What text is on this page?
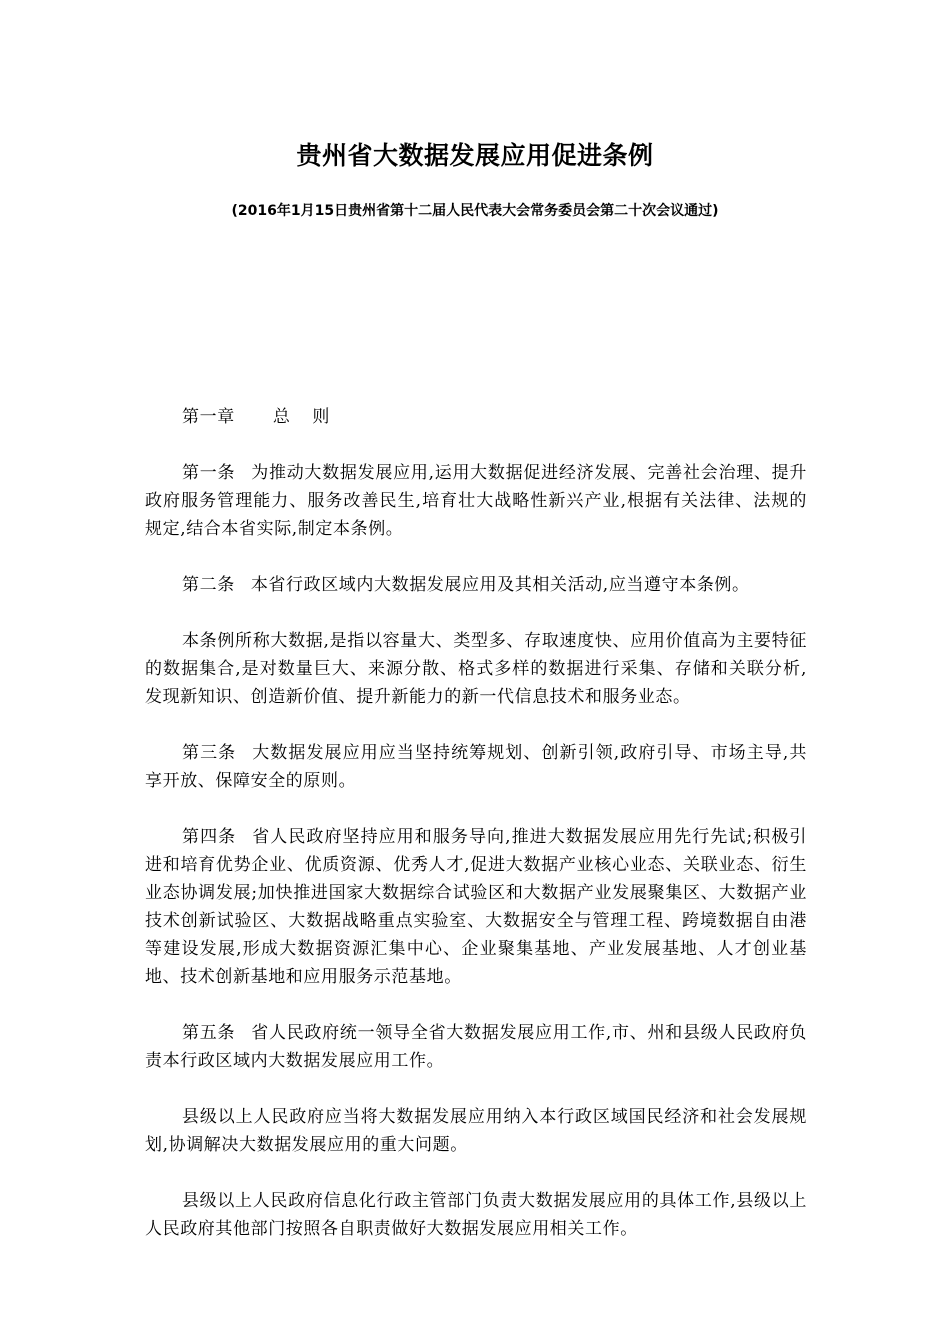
贵州省大数据发展应用促进条例
(2016年1月15日贵州省第十二届人民代表大会常务委员会第二十次会议通过)

第一章 总 则

第一条 为推动大数据发展应用,运用大数据促进经济发展、完善社会治理、提升政府服务管理能力、服务改善民生,培育壮大战略性新兴产业,根据有关法律、法规的规定,结合本省实际,制定本条例。

第二条 本省行政区域内大数据发展应用及其相关活动,应当遵守本条例。

本条例所称大数据,是指以容量大、类型多、存取速度快、应用价值高为主要特征的数据集合,是对数量巨大、来源分散、格式多样的数据进行采集、存储和关联分析,发现新知识、创造新价值、提升新能力的新一代信息技术和服务业态。

第三条 大数据发展应用应当坚持统筹规划、创新引领,政府引导、市场主导,共享开放、保障安全的原则。

第四条 省人民政府坚持应用和服务导向,推进大数据发展应用先行先试;积极引进和培育优势企业、优质资源、优秀人才,促进大数据产业核心业态、关联业态、衍生业态协调发展;加快推进国家大数据综合试验区和大数据产业发展聚集区、大数据产业技术创新试验区、大数据战略重点实验室、大数据安全与管理工程、跨境数据自由港等建设发展,形成大数据资源汇集中心、企业聚集基地、产业发展基地、人才创业基地、技术创新基地和应用服务示范基地。

第五条 省人民政府统一领导全省大数据发展应用工作,市、州和县级人民政府负责本行政区域内大数据发展应用工作。

县级以上人民政府应当将大数据发展应用纳入本行政区域国民经济和社会发展规划,协调解决大数据发展应用的重大问题。

县级以上人民政府信息化行政主管部门负责大数据发展应用的具体工作,县级以上人民政府其他部门按照各自职责做好大数据发展应用相关工作。
